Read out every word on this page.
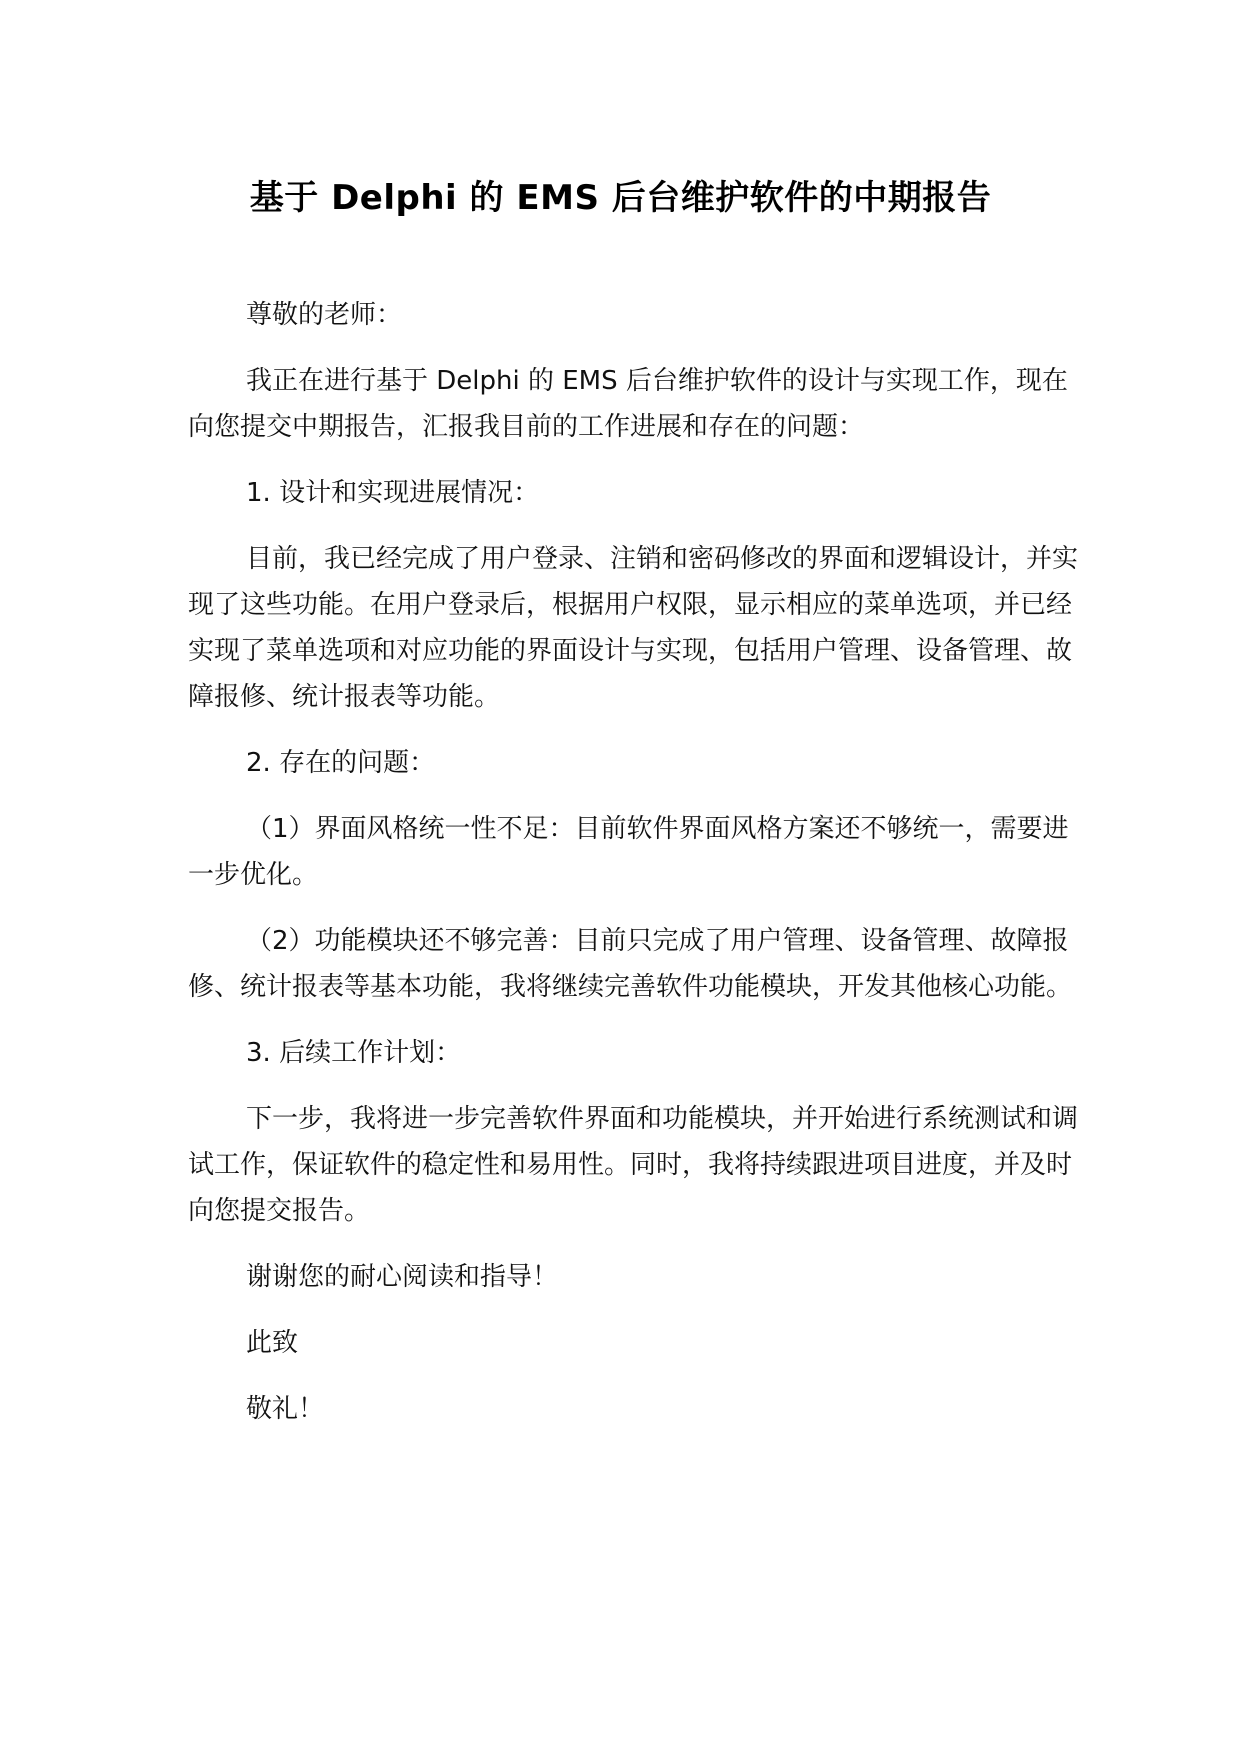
基于 Delphi 的 EMS 后台维护软件的中期报告

尊敬的老师：

我正在进行基于 Delphi 的 EMS 后台维护软件的设计与实现工作，现在向您提交中期报告，汇报我目前的工作进展和存在的问题：

1. 设计和实现进展情况：

目前，我已经完成了用户登录、注销和密码修改的界面和逻辑设计，并实现了这些功能。在用户登录后，根据用户权限，显示相应的菜单选项，并已经实现了菜单选项和对应功能的界面设计与实现，包括用户管理、设备管理、故障报修、统计报表等功能。

2. 存在的问题：

（1）界面风格统一性不足：目前软件界面风格方案还不够统一，需要进一步优化。

（2）功能模块还不够完善：目前只完成了用户管理、设备管理、故障报修、统计报表等基本功能，我将继续完善软件功能模块，开发其他核心功能。

3. 后续工作计划：

下一步，我将进一步完善软件界面和功能模块，并开始进行系统测试和调试工作，保证软件的稳定性和易用性。同时，我将持续跟进项目进度，并及时向您提交报告。

谢谢您的耐心阅读和指导！

此致

敬礼！
